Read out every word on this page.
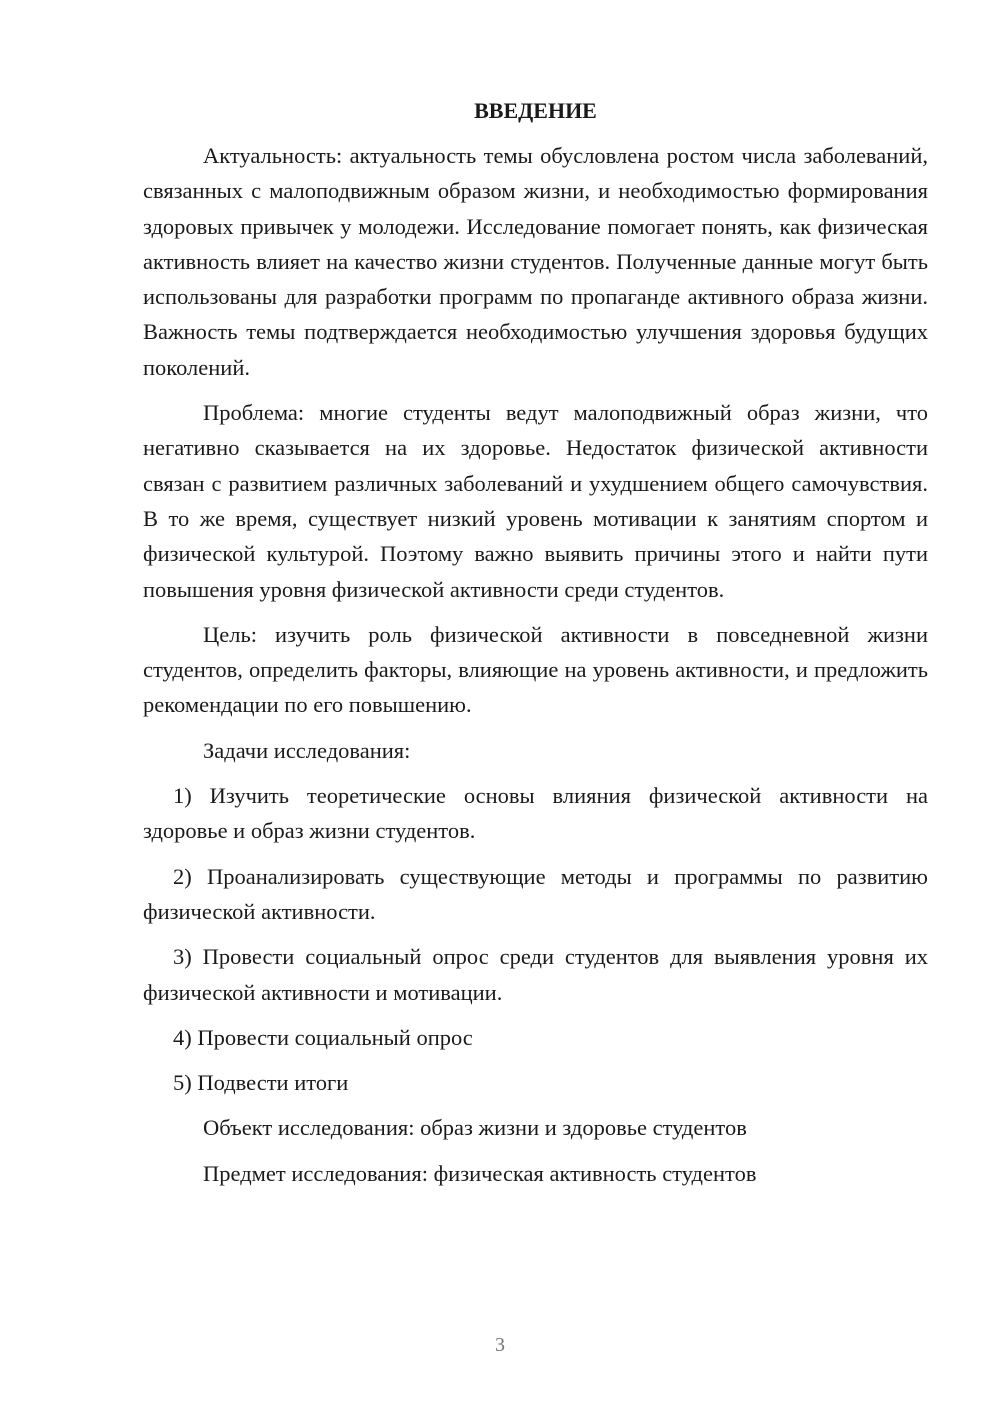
ВВЕДЕНИЕ

Актуальность: актуальность темы обусловлена ростом числа заболеваний, связанных с малоподвижным образом жизни, и необходимостью формирования здоровых привычек у молодежи. Исследование помогает понять, как физическая активность влияет на качество жизни студентов. Полученные данные могут быть использованы для разработки программ по пропаганде активного образа жизни. Важность темы подтверждается необходимостью улучшения здоровья будущих поколений.

Проблема: многие студенты ведут малоподвижный образ жизни, что негативно сказывается на их здоровье. Недостаток физической активности связан с развитием различных заболеваний и ухудшением общего самочувствия. В то же время, существует низкий уровень мотивации к занятиям спортом и физической культурой. Поэтому важно выявить причины этого и найти пути повышения уровня физической активности среди студентов.

Цель: изучить роль физической активности в повседневной жизни студентов, определить факторы, влияющие на уровень активности, и предложить рекомендации по его повышению.

Задачи исследования:

1) Изучить теоретические основы влияния физической активности на здоровье и образ жизни студентов.

2) Проанализировать существующие методы и программы по развитию физической активности.

3) Провести социальный опрос среди студентов для выявления уровня их физической активности и мотивации.

4) Провести социальный опрос

5) Подвести итоги

Объект исследования: образ жизни и здоровье студентов

Предмет исследования: физическая активность студентов

3
